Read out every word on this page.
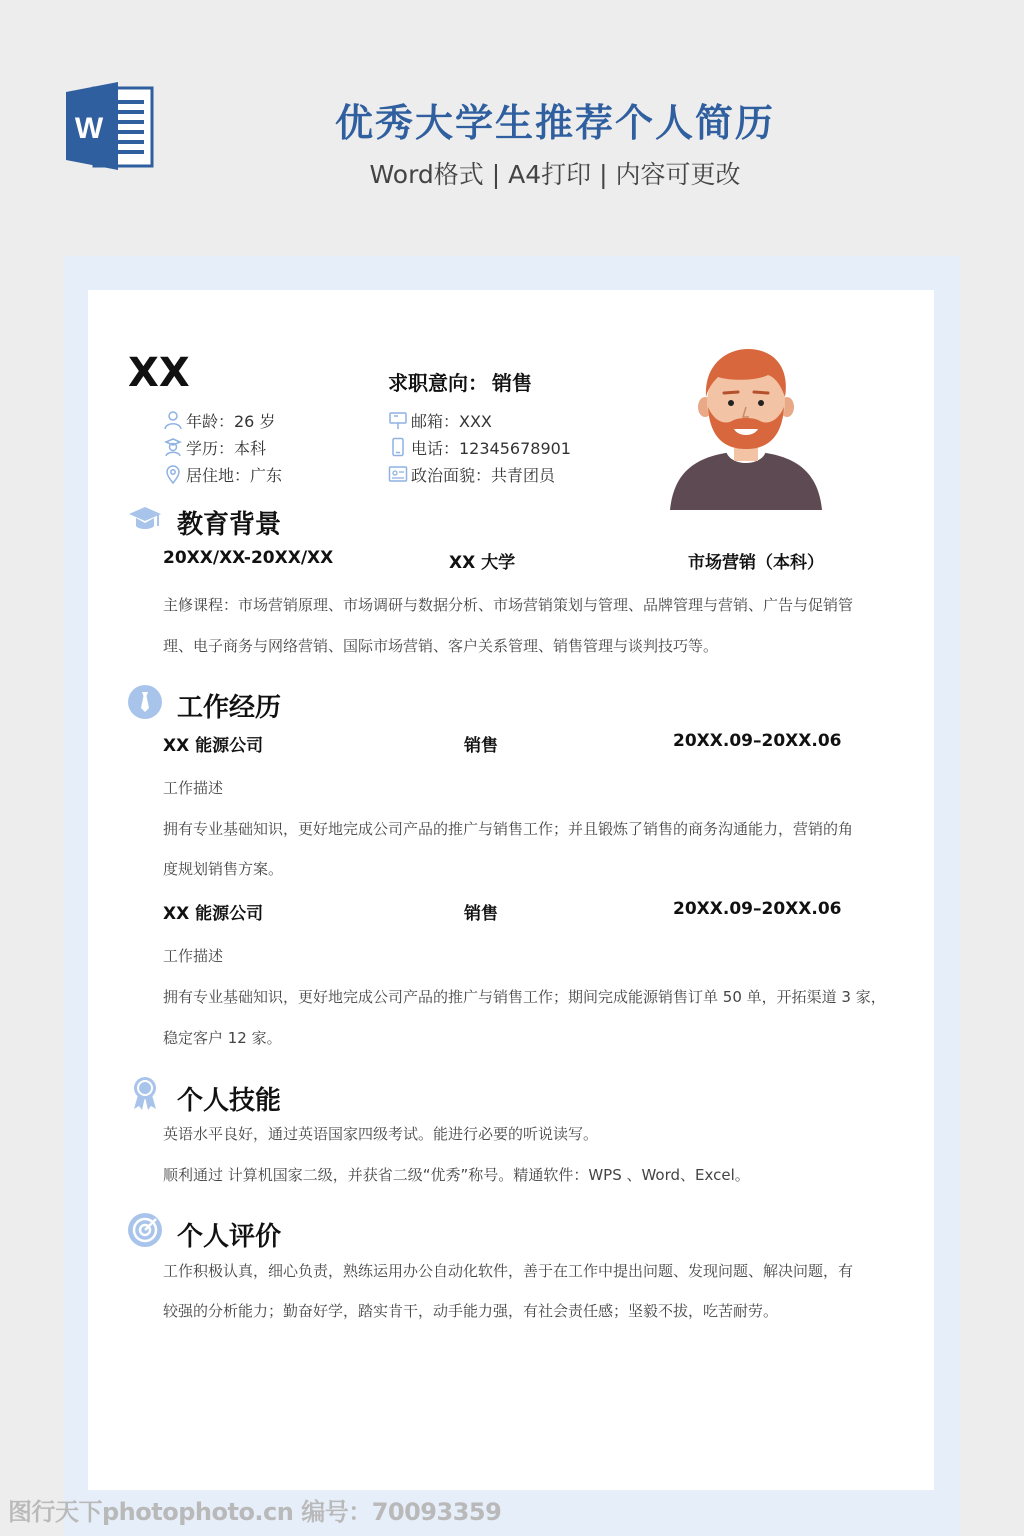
W	优秀大学生推荐个人简历
Word格式 | A4打印 | 内容可更改
XX	求职意向： 销售
年龄：26 岁
学历：本科
居住地：广东
邮箱：XXX
电话：12345678901
政治面貌：共青团员
教育背景
20XX/XX-20XX/XX	XX 大学	市场营销（本科）
主修课程：市场营销原理、市场调研与数据分析、市场营销策划与管理、品牌管理与营销、广告与促销管
理、电子商务与网络营销、国际市场营销、客户关系管理、销售管理与谈判技巧等。
工作经历
XX 能源公司	销售	20XX.09–20XX.06
工作描述
拥有专业基础知识，更好地完成公司产品的推广与销售工作；并且锻炼了销售的商务沟通能力，营销的角
度规划销售方案。
XX 能源公司	销售	20XX.09–20XX.06
工作描述
拥有专业基础知识，更好地完成公司产品的推广与销售工作；期间完成能源销售订单 50 单，开拓渠道 3 家，
稳定客户 12 家。
个人技能
英语水平良好，通过英语国家四级考试。能进行必要的听说读写。
顺利通过 计算机国家二级，并获省二级“优秀”称号。精通软件：WPS 、Word、Excel。
个人评价
工作积极认真，细心负责，熟练运用办公自动化软件，善于在工作中提出问题、发现问题、解决问题，有
较强的分析能力；勤奋好学，踏实肯干，动手能力强，有社会责任感；坚毅不拔，吃苦耐劳。
图行天下photophoto.cn 编号：70093359
